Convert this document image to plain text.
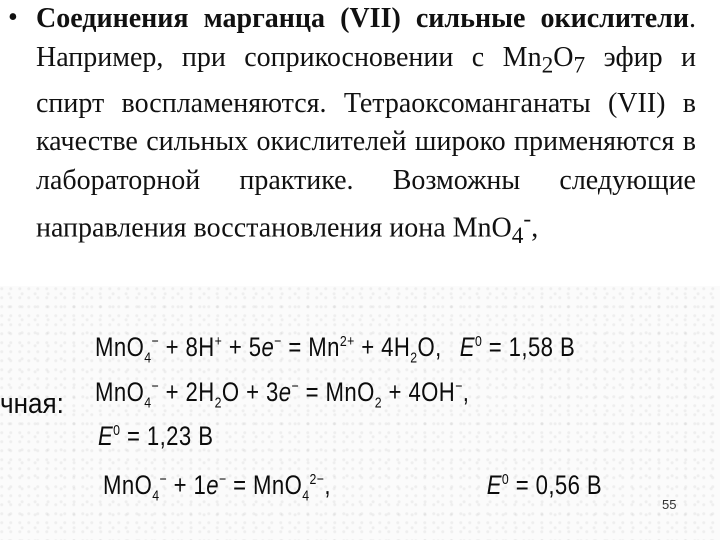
• Соединения марганца (VII) сильные окислители. Например, при соприкосновении с $Mn_2O_7$ эфир и спирт воспламеняются. Тетраоксоманганаты (VII) в качестве сильных окислителей широко применяются в лабораторной практике. Возможны следующие направления восстановления иона MnO$_4$-,
чная:
$MnO_4^- + 8H^+ + 5e^- = Mn^{2+} + 4H_2O$, $E^0 = 1,58$ B
$MnO_4^- + 2H_2O + 3e^- = MnO_2 + 4OH^-$,
$E^0 = 1,23$ B
MnO$_4$− + 1e− = MnO$_4^{2-}$,	$E^0 = 0,56$ B
55
